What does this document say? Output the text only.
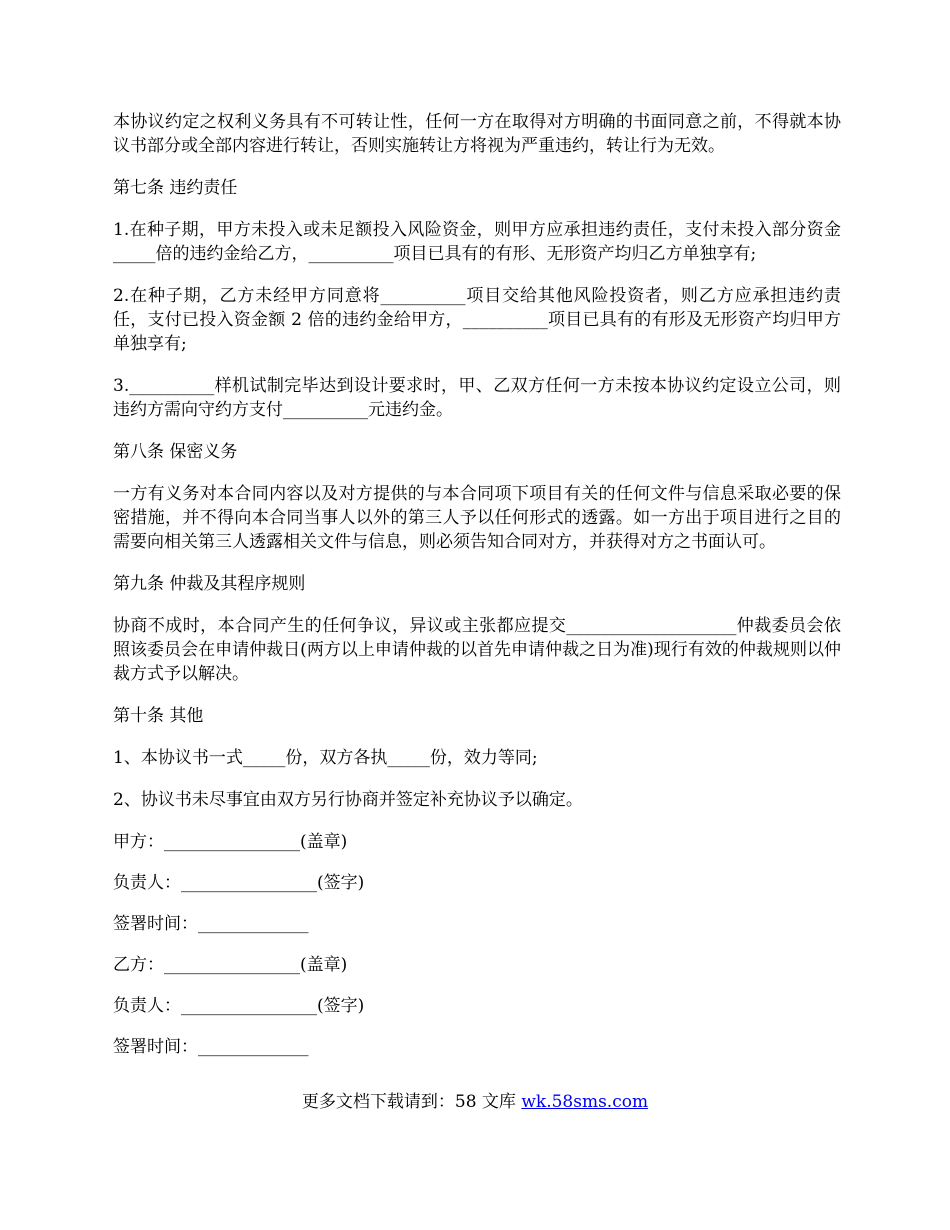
本协议约定之权利义务具有不可转让性，任何一方在取得对方明确的书面同意之前，不得就本协议书部分或全部内容进行转让，否则实施转让方将视为严重违约，转让行为无效。

第七条 违约责任

1.在种子期，甲方未投入或未足额投入风险资金，则甲方应承担违约责任，支付未投入部分资金_____倍的违约金给乙方，__________项目已具有的有形、无形资产均归乙方单独享有;

2.在种子期，乙方未经甲方同意将__________项目交给其他风险投资者，则乙方应承担违约责任，支付已投入资金额 2 倍的违约金给甲方，__________项目已具有的有形及无形资产均归甲方单独享有;

3.__________样机试制完毕达到设计要求时，甲、乙双方任何一方未按本协议约定设立公司，则违约方需向守约方支付__________元违约金。

第八条 保密义务

一方有义务对本合同内容以及对方提供的与本合同项下项目有关的任何文件与信息采取必要的保密措施，并不得向本合同当事人以外的第三人予以任何形式的透露。如一方出于项目进行之目的需要向相关第三人透露相关文件与信息，则必须告知合同对方，并获得对方之书面认可。

第九条 仲裁及其程序规则

协商不成时，本合同产生的任何争议，异议或主张都应提交____________________仲裁委员会依照该委员会在申请仲裁日(两方以上申请仲裁的以首先申请仲裁之日为准)现行有效的仲裁规则以仲裁方式予以解决。

第十条 其他

1、本协议书一式_____份，双方各执_____份，效力等同;

2、协议书未尽事宜由双方另行协商并签定补充协议予以确定。

甲方：________________(盖章)

负责人：________________(签字)

签署时间：_____________

乙方：________________(盖章)

负责人：________________(签字)

签署时间：_____________

更多文档下载请到：58 文库 wk.58sms.com
